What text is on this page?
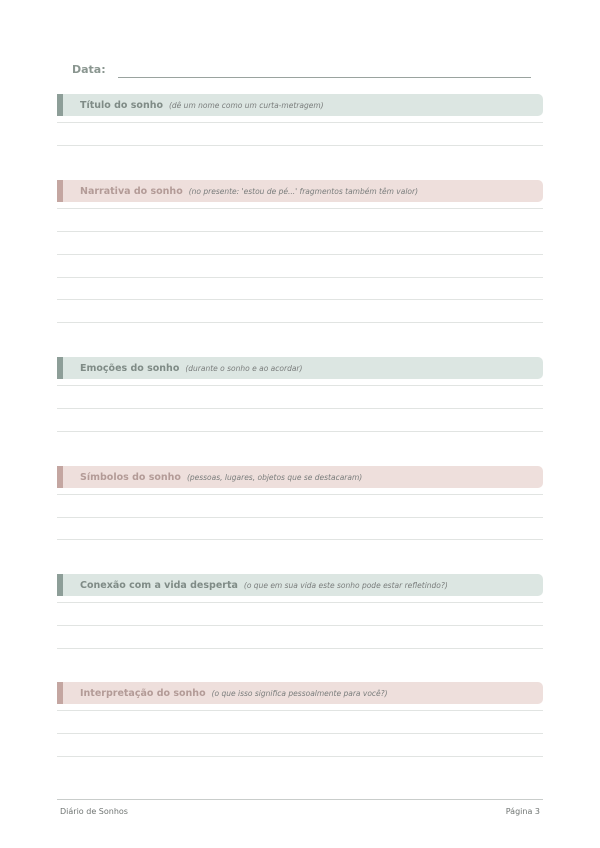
Data:
Título do sonho (dê um nome como um curta-metragem)
Narrativa do sonho (no presente: 'estou de pé...' fragmentos também têm valor)
Emoções do sonho (durante o sonho e ao acordar)
Símbolos do sonho (pessoas, lugares, objetos que se destacaram)
Conexão com a vida desperta (o que em sua vida este sonho pode estar refletindo?)
Interpretação do sonho (o que isso significa pessoalmente para você?)
Diário de Sonhos	Página 3
